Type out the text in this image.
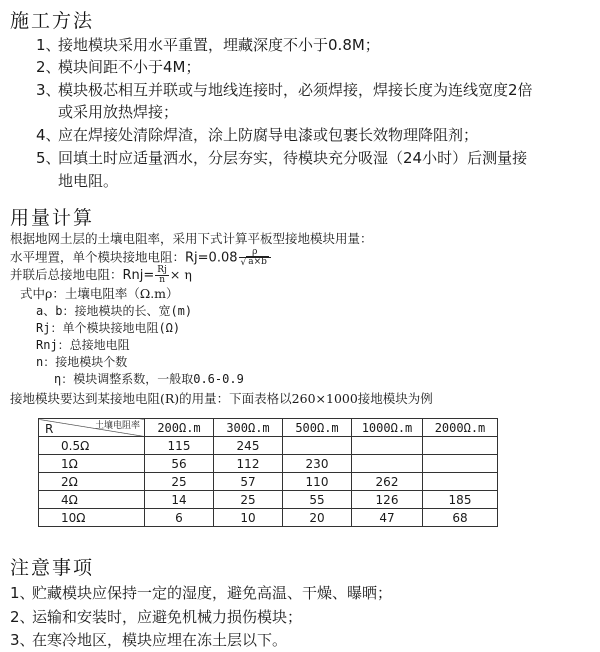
施工方法
1、接地模块采用水平重置，埋藏深度不小于0.8M；
2、模块间距不小于4M；
3、模块极芯相互并联或与地线连接时，必须焊接，焊接长度为连线宽度2倍
或采用放热焊接；
4、应在焊接处清除焊渣，涂上防腐导电漆或包裹长效物理降阻剂；
5、回填土时应适量洒水，分层夯实，待模块充分吸湿（24小时）后测量接
地电阻。
用量计算
根据地网土层的土壤电阻率，采用下式计算平板型接地模块用量：
水平埋置，单个模块接地电阻：$Rj=0.08 \frac{\rho}{√ a\times b}$
并联后总接地电阻：$Rnj= \frac{Rj}{n} \times \eta$
式中ρ：土壤电阻率（Ω.m）
a、b：接地模块的长、宽(m)
Rj：单个模块接地电阻(Ω)
Rnj：总接地电阻
n：接地模块个数
η：模块调整系数，一般取0.6-0.9
接地模块要达到某接地电阻(R)的用量：下面表格以260×1000接地模块为例
R 土壤电阻率	200Ω.m	300Ω.m	500Ω.m	1000Ω.m	2000Ω.m
0.5Ω	115	245			
1Ω	56	112	230		
2Ω	25	57	110	262	
4Ω	14	25	55	126	185
10Ω	6	10	20	47	68
注意事项
1、贮藏模块应保持一定的湿度，避免高温、干燥、曝晒；
2、运输和安装时，应避免机械力损伤模块；
3、在寒冷地区，模块应埋在冻土层以下。
